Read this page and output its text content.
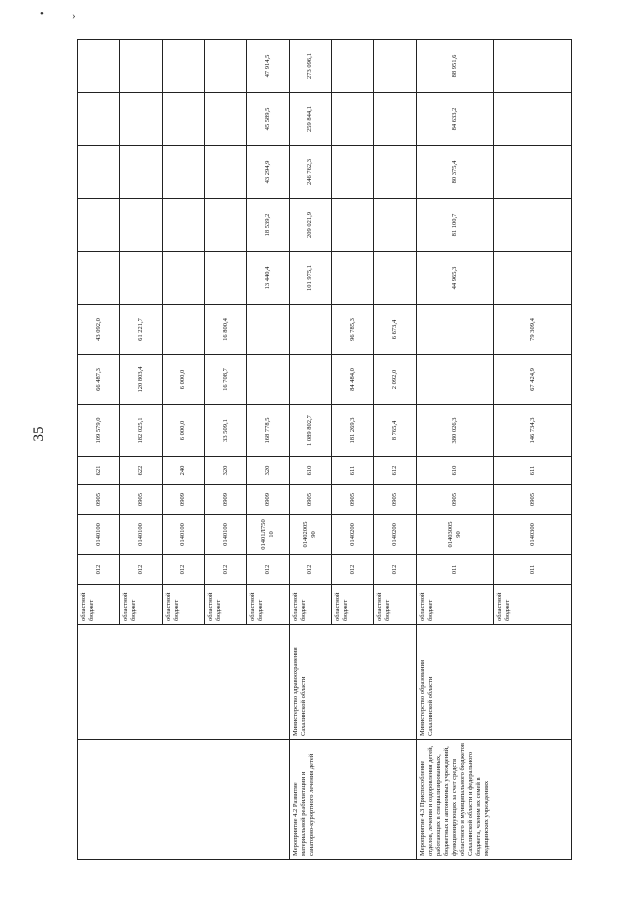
•	›
35
		областной бюджет	012	0140100	0905	621	109 579,0	66 487,3	43 092,0					
		областной бюджет	012	0140100	0905	622	182 025,1	120 803,4	61 221,7					
		областной бюджет	012	0140100	0909	240	6 000,0	6 000,0						
		областной бюджет	012	0140100	0909	320	33 509,1	16 708,7	16 800,4					
		областной бюджет	012	01401Л750 10	0909	320	168 778,5			13 440,4	18 539,2	43 294,9	45 589,5	47 914,5
Мероприятие 4.2 Развитие материальной реабилитации и санаторно-курортного лечения детей	Министерство здравоохранения Сахалинской области	областной бюджет	012	01402005 90	0905	610	1 089 802,7			101 975,1	209 021,9	246 762,3	259 844,1	273 096,1
		областной бюджет	012	0140200	0905	611	181 269,3	84 484,0	96 785,3					
		областной бюджет	012	0140200	0905	612	8 765,4	2 092,0	6 673,4					
Мероприятие 4.3 Приспособление отделов, лечения и оздоровления детей, работающих в специализированных, бюджетных и автономных учреждений, функционирующих за счет средств областного и муниципального бюджетов Сахалинской области и федерального бюджета, членом их семей в медицинских учреждениях	Министерство образования Сахалинской области	областной бюджет	011	01403005 90	0905	610	380 026,3			44 965,3	81 100,7	80 375,4	84 633,2	88 951,6
		областной бюджет	011	0140300	0905	611	146 734,3	67 424,9	79 309,4					
